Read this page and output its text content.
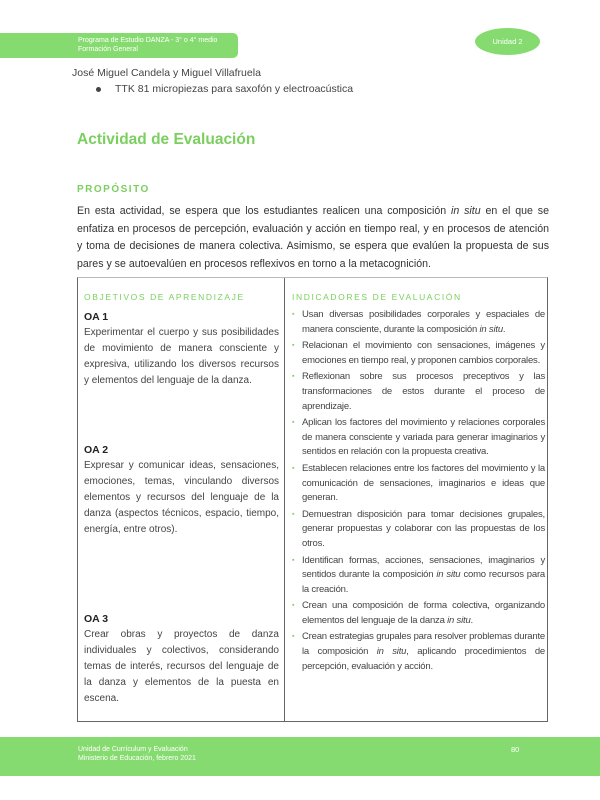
Programa de Estudio DANZA - 3° o 4° medio
Formación General
Unidad 2
José Miguel Candela y Miguel Villafruela
TTK 81 micropiezas para saxofón y electroacústica
Actividad de Evaluación
PROPÓSITO

En esta actividad, se espera que los estudiantes realicen una composición in situ en el que se enfatiza en procesos de percepción, evaluación y acción en tiempo real, y en procesos de atención y toma de decisiones de manera colectiva. Asimismo, se espera que evalúen la propuesta de sus pares y se autoevalúen en procesos reflexivos en torno a la metacognición.

OBJETIVOS DE APRENDIZAJE	INDICADORES DE EVALUACIÓN
OA 1
Experimentar el cuerpo y sus posibilidades de movimiento de manera consciente y expresiva, utilizando los diversos recursos y elementos del lenguaje de la danza.
OA 2
Expresar y comunicar ideas, sensaciones, emociones, temas, vinculando diversos elementos y recursos del lenguaje de la danza (aspectos técnicos, espacio, tiempo, energía, entre otros).
OA 3
Crear obras y proyectos de danza individuales y colectivos, considerando temas de interés, recursos del lenguaje de la danza y elementos de la puesta en escena.
▪ Usan diversas posibilidades corporales y espaciales de manera consciente, durante la composición in situ.
▪ Relacionan el movimiento con sensaciones, imágenes y emociones en tiempo real, y proponen cambios corporales.
▪ Reflexionan sobre sus procesos preceptivos y las transformaciones de estos durante el proceso de aprendizaje.
▪ Aplican los factores del movimiento y relaciones corporales de manera consciente y variada para generar imaginarios y sentidos en relación con la propuesta creativa.
▪ Establecen relaciones entre los factores del movimiento y la comunicación de sensaciones, imaginarios e ideas que generan.
▪ Demuestran disposición para tomar decisiones grupales, generar propuestas y colaborar con las propuestas de los otros.
▪ Identifican formas, acciones, sensaciones, imaginarios y sentidos durante la composición in situ como recursos para la creación.
▪ Crean una composición de forma colectiva, organizando elementos del lenguaje de la danza in situ.
▪ Crean estrategias grupales para resolver problemas durante la composición in situ, aplicando procedimientos de percepción, evaluación y acción.
Unidad de Currículum y Evaluación
Ministerio de Educación, febrero 2021
80
